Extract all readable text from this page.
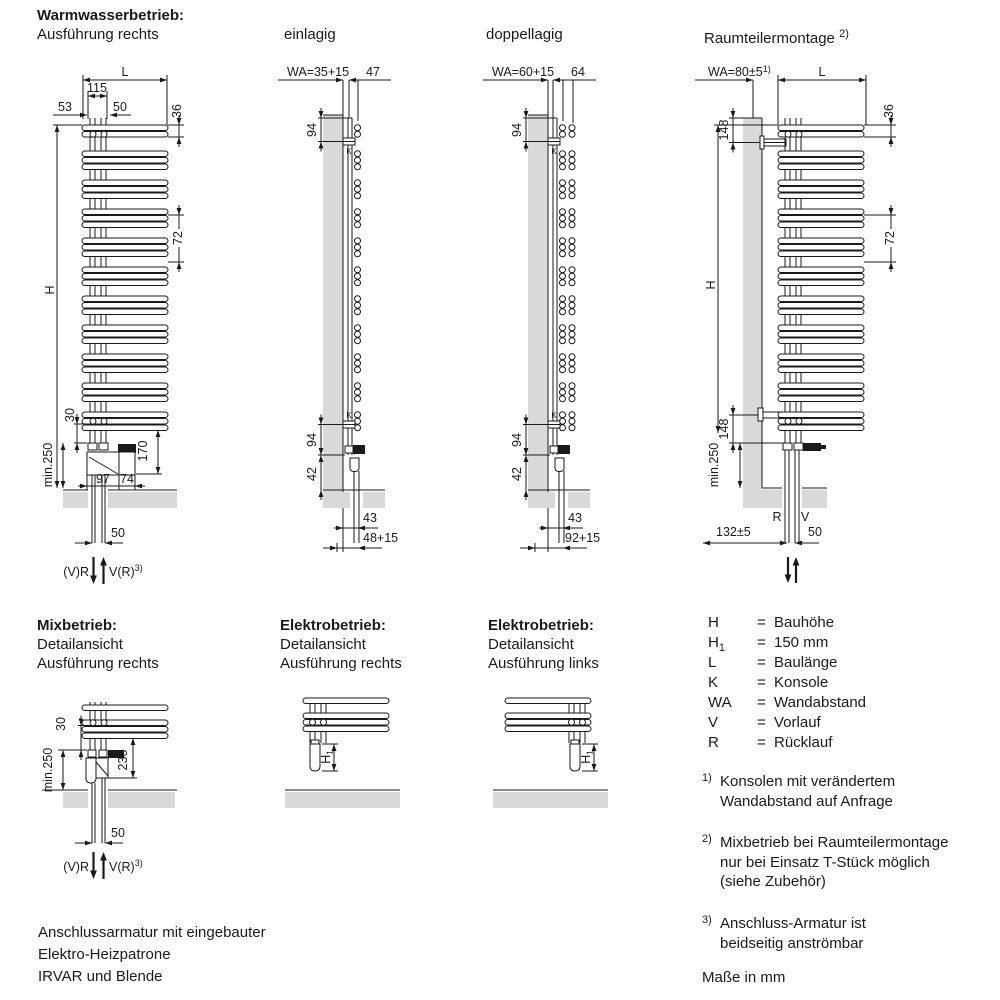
Warmwasserbetrieb:
Ausführung rechts	einlagig	doppellagig	Raumteilermontage $^{2)}$
Mixbetrieb:
Detailansicht
Ausführung rechts
Elektrobetrieb:
Detailansicht
Ausführung rechts
Elektrobetrieb:
Detailansicht
Ausführung links
H
L
115
53	50	36
72
30
min.250	170
97 74
50
(V)R $V(R)^{3)}$
WA=35+15 47
K
94
K
94
42
43
48+15
WA=60+15 64
K
94
K
94
42
43
92+15
$WA=80\pm 5^{1)}$	L
H
148
36
72
148
min.250
R V
132±5	50
30
230
min.250
50
(V)R $V(R)^{3)}$
$H_1$
$H_1$
H	= Bauhöhe
$H_1$	= 150 mm
L	= Baulänge
K	= Konsole
WA	= Wandabstand
V	= Vorlauf
R	= Rücklauf
1) Konsolen mit verändertem
Wandabstand auf Anfrage
2) Mixbetrieb bei Raumteilermontage
nur bei Einsatz T-Stück möglich
(siehe Zubehör)
3) Anschluss-Armatur ist
beidseitig anströmbar
Maße in mm
Anschlussarmatur mit eingebauter
Elektro-Heizpatrone
IRVAR und Blende
